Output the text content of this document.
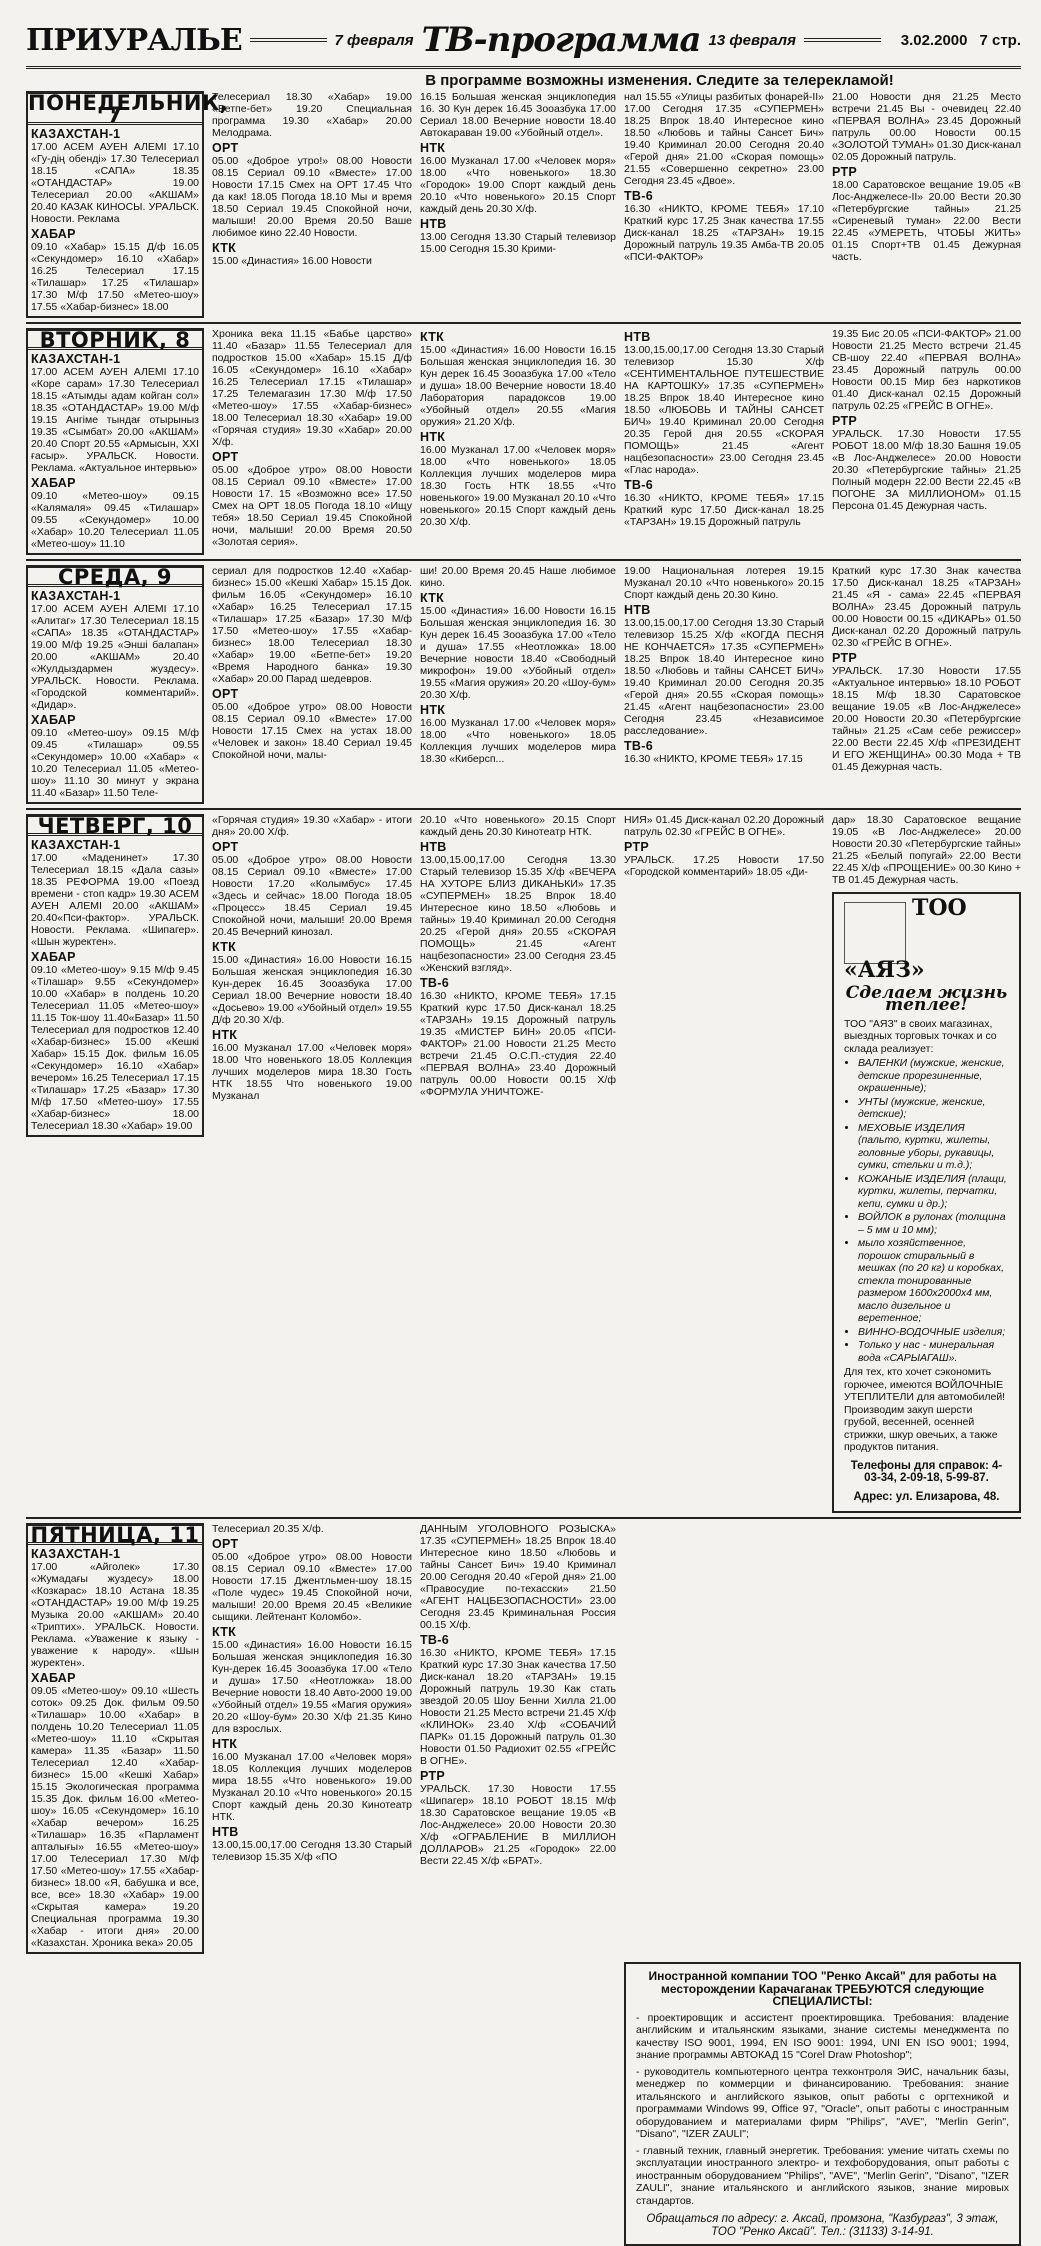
ПРИУРАЛЬЕ	7 февраля ТВ-программа 13 февраля	3.02.2000 7 стр.
В программе возможны изменения. Следите за телерекламой!
ПОНЕДЕЛЬНИК, 7
КАЗАХСТАН-1
17.00 АСЕМ АУЕН АЛЕМІ 17.10 «Гу-дің обенді» 17.30 Телесериал 18.15 «САПА» 18.35 «ОТАНДАСТАР» 19.00 Телесериал 20.00 «АКШАМ» 20.40 КАЗАК КИНОСЫ. УРАЛЬСК. Новости. Реклама
ХАБАР
09.10 «Хабар» 15.15 Д/ф 16.05 «Секундомер» 16.10 «Хабар» 16.25 Телесериал 17.15 «Тилашар» 17.25 «Тилашар» 17.30 М/ф 17.50 «Метео-шоу» 17.55 «Хабар-бизнес» 18.00
Телесериал 18.30 «Хабар» 19.00 «Бетпе-бет» 19.20 Специальная программа 19.30 «Хабар» 20.00 Мелодрама.
ОРТ
05.00 «Доброе утро!» 08.00 Новости 08.15 Сериал 09.10 «Вместе» 17.00 Новости 17.15 Смех на ОРТ 17.45 Что да как! 18.05 Погода 18.10 Мы и время 18.50 Сериал 19.45 Спокойной ночи, малыши! 20.00 Время 20.50 Ваше любимое кино 22.40 Новости.
КТК
15.00 «Династия» 16.00 Новости
16.15 Большая женская энциклопедия 16. 30 Кун дерек 16.45 Зооазбука 17.00 Сериал 18.00 Вечерние новости 18.40 Автокараван 19.00 «Убойный отдел».
НТК
16.00 Музканал 17.00 «Человек моря» 18.00 «Что новенького» 18.30 «Городок» 19.00 Спорт каждый день 20.10 «Что новенького» 20.15 Спорт каждый день 20.30 Х/ф.
НТВ
13.00 Сегодня 13.30 Старый телевизор 15.00 Сегодня 15.30 Крими-
нал 15.55 «Улицы разбитых фонарей-II» 17.00 Сегодня 17.35 «СУПЕРМЕН» 18.25 Впрок 18.40 Интересное кино 18.50 «Любовь и тайны Сансет Бич» 19.40 Криминал 20.00 Сегодня 20.40 «Герой дня» 21.00 «Скорая помощь» 21.55 «Совершенно секретно» 23.00 Сегодня 23.45 «Двое».
ТВ-6
16.30 «НИКТО, КРОМЕ ТЕБЯ» 17.10 Краткий курс 17.25 Знак качества 17.55 Диск-канал 18.25 «ТАРЗАН» 19.15 Дорожный патруль 19.35 Амба-ТВ 20.05 «ПСИ-ФАКТОР»
21.00 Новости дня 21.25 Место встречи 21.45 Вы - очевидец 22.40 «ПЕРВАЯ ВОЛНА» 23.45 Дорожный патруль 00.00 Новости 00.15 «ЗОЛОТОЙ ТУМАН» 01.30 Диск-канал 02.05 Дорожный патруль.
РТР
18.00 Саратовское вещание 19.05 «В Лос-Анджелесе-II» 20.00 Вести 20.30 «Петербургские тайны» 21.25 «Сиреневый туман» 22.00 Вести 22.45 «УМЕРЕТЬ, ЧТОБЫ ЖИТЬ» 01.15 Спорт+ТВ 01.45 Дежурная часть.
ВТОРНИК, 8
КАЗАХСТАН-1
17.00 АСЕМ АУЕН АЛЕМІ 17.10 «Коре сарам» 17.30 Телесериал 18.15 «Атымды адам койган сол» 18.35 «ОТАНДАСТАР» 19.00 М/ф 19.15 Ангіме тындағ отырыныз 19.35 «Сымбат» 20.00 «АКШАМ» 20.40 Спорт 20.55 «Армысын, ХХІ ғасыр». УРАЛЬСК. Новости. Реклама. «Актуальное интервью»
ХАБАР
09.10 «Метео-шоу» 09.15 «Калямаля» 09.45 «Тилашар» 09.55 «Секундомер» 10.00 «Хабар» 10.20 Телесериал 11.05 «Метео-шоу» 11.10
Хроника века 11.15 «Бабье царство» 11.40 «Базар» 11.55 Телесериал для подростков 15.00 «Хабар» 15.15 Д/ф 16.05 «Секундомер» 16.10 «Хабар» 16.25 Телесериал 17.15 «Тилашар» 17.25 Телемагазин 17.30 М/ф 17.50 «Метео-шоу» 17.55 «Хабар-бизнес» 18.00 Телесериал 18.30 «Хабар» 19.00 «Горячая студия» 19.30 «Хабар» 20.00 Х/ф.
ОРТ
05.00 «Доброе утро» 08.00 Новости 08.15 Сериал 09.10 «Вместе» 17.00 Новости 17. 15 «Возможно все» 17.50 Смех на ОРТ 18.05 Погода 18.10 «Ищу тебя» 18.50 Сериал 19.45 Спокойной ночи, малыши! 20.00 Время 20.50 «Золотая серия».
КТК
15.00 «Династия» 16.00 Новости 16.15 Большая женская энциклопедия 16. 30 Кун дерек 16.45 Зооазбука 17.00 «Тело и душа» 18.00 Вечерние новости 18.40 Лаборатория парадоксов 19.00 «Убойный отдел» 20.55 «Магия оружия» 21.20 Х/ф.
НТК
16.00 Музканал 17.00 «Человек моря» 18.00 «Что новенького» 18.05 Коллекция лучших моделеров мира 18.30 Гость НТК 18.55 «Что новенького» 19.00 Музканал 20.10 «Что новенького» 20.15 Спорт каждый день 20.30 Х/ф.
НТВ
13.00,15.00,17.00 Сегодня 13.30 Старый телевизор 15.30 Х/ф «СЕНТИМЕНТАЛЬНОЕ ПУТЕШЕСТВИЕ НА КАРТОШКУ» 17.35 «СУПЕРМЕН» 18.25 Впрок 18.40 Интересное кино 18.50 «ЛЮБОВЬ И ТАЙНЫ САНСЕТ БИЧ» 19.40 Криминал 20.00 Сегодня 20.35 Герой дня 20.55 «СКОРАЯ ПОМОЩЬ» 21.45 «Агент нацбезопасности» 23.00 Сегодня 23.45 «Глас народа».
ТВ-6
16.30 «НИКТО, КРОМЕ ТЕБЯ» 17.15 Краткий курс 17.50 Диск-канал 18.25 «ТАРЗАН» 19.15 Дорожный патруль
19.35 Бис 20.05 «ПСИ-ФАКТОР» 21.00 Новости 21.25 Место встречи 21.45 СВ-шоу 22.40 «ПЕРВАЯ ВОЛНА» 23.45 Дорожный патруль 00.00 Новости 00.15 Мир без наркотиков 01.40 Диск-канал 02.15 Дорожный патруль 02.25 «ГРЕЙС В ОГНЕ».
РТР
УРАЛЬСК. 17.30 Новости 17.55 РОБОТ 18.00 М/ф 18.30 Башня 19.05 «В Лос-Анджелесе» 20.00 Новости 20.30 «Петербургские тайны» 21.25 Полный модерн 22.00 Вести 22.45 «В ПОГОНЕ ЗА МИЛЛИОНОМ» 01.15 Персона 01.45 Дежурная часть.
СРЕДА, 9
КАЗАХСТАН-1
17.00 АСЕМ АУЕН АЛЕМІ 17.10 «Алитаг» 17.30 Телесериал 18.15 «САПА» 18.35 «ОТАНДАСТАР» 19.00 М/ф 19.25 «Энші балапан» 20.00 «АКШАМ» 20.40 «Жулдыздармен жуздесу». УРАЛЬСК. Новости. Реклама. «Городской комментарий». «Дидар».
ХАБАР
09.10 «Метео-шоу» 09.15 М/ф 09.45 «Тилашар» 09.55 «Секундомер» 10.00 «Хабар» « 10.20 Телесериал 11.05 «Метео-шоу» 11.10 30 минут у экрана 11.40 «Базар» 11.50 Теле-
сериал для подростков 12.40 «Хабар-бизнес» 15.00 «Кешкі Хабар» 15.15 Док. фильм 16.05 «Секундомер» 16.10 «Хабар» 16.25 Телесериал 17.15 «Тилашар» 17.25 «Базар» 17.30 М/ф 17.50 «Метео-шоу» 17.55 «Хабар-бизнес» 18.00 Телесериал 18.30 «Хабар» 19.00 «Бетпе-бет» 19.20 «Время Народного банка» 19.30 «Хабар» 20.00 Парад шедевров.
ОРТ
05.00 «Доброе утро» 08.00 Новости 08.15 Сериал 09.10 «Вместе» 17.00 Новости 17.15 Смех на устах 18.00 «Человек и закон» 18.40 Сериал 19.45 Спокойной ночи, малы-
ши! 20.00 Время 20.45 Наше любимое кино.
КТК
15.00 «Династия» 16.00 Новости 16.15 Большая женская энциклопедия 16. 30 Кун дерек 16.45 Зооазбука 17.00 «Тело и душа» 17.55 «Неотложка» 18.00 Вечерние новости 18.40 «Свободный микрофон» 19.00 «Убойный отдел» 19.55 «Магия оружия» 20.20 «Шоу-бум» 20.30 Х/ф.
НТК
16.00 Музканал 17.00 «Человек моря» 18.00 «Что новенького» 18.05 Коллекция лучших моделеров мира 18.30 «Киберсп...
19.00 Национальная лотерея 19.15 Музканал 20.10 «Что новенького» 20.15 Спорт каждый день 20.30 Кино.
НТВ
13.00,15.00,17.00 Сегодня 13.30 Старый телевизор 15.25 Х/ф «КОГДА ПЕСНЯ НЕ КОНЧАЕТСЯ» 17.35 «СУПЕРМЕН» 18.25 Впрок 18.40 Интересное кино 18.50 «Любовь и тайны САНСЕТ БИЧ» 19.40 Криминал 20.00 Сегодня 20.35 «Герой дня» 20.55 «Скорая помощь» 21.45 «Агент нацбезопасности» 23.00 Сегодня 23.45 «Независимое расследование».
ТВ-6
16.30 «НИКТО, КРОМЕ ТЕБЯ» 17.15
Краткий курс 17.30 Знак качества 17.50 Диск-канал 18.25 «ТАРЗАН» 21.45 «Я - сама» 22.45 «ПЕРВАЯ ВОЛНА» 23.45 Дорожный патруль 00.00 Новости 00.15 «ДИКАРЬ» 01.50 Диск-канал 02.20 Дорожный патруль 02.30 «ГРЕЙС В ОГНЕ».
РТР
УРАЛЬСК. 17.30 Новости 17.55 «Актуальное интервью» 18.10 РОБОТ 18.15 М/ф 18.30 Саратовское вещание 19.05 «В Лос-Анджелесе» 20.00 Новости 20.30 «Петербургские тайны» 21.25 «Сам себе режиссер» 22.00 Вести 22.45 Х/ф «ПРЕЗИДЕНТ И ЕГО ЖЕНЩИНА» 00.30 Мода + ТВ 01.45 Дежурная часть.
ЧЕТВЕРГ, 10
КАЗАХСТАН-1
17.00 «Маденинет» 17.30 Телесериал 18.15 «Дала сазы» 18.35 РЕФОРМА 19.00 «Поезд времени - стоп кадр» 19.30 АСЕМ АУЕН АЛЕМІ 20.00 «АКШАМ» 20.40«Пси-фактор». УРАЛЬСК. Новости. Реклама. «Шипагер». «Шын журектен».
ХАБАР
09.10 «Метео-шоу» 9.15 М/ф 9.45 «Тілашар» 9.55 «Секундомер» 10.00 «Хабар» в полдень 10.20 Телесериал 11.05 «Метео-шоу» 11.15 Ток-шоу 11.40«Базар» 11.50 Телесериал для подростков 12.40 «Хабар-бизнес» 15.00 «Кешкі Хабар» 15.15 Док. фильм 16.05 «Секундомер» 16.10 «Хабар» вечером» 16.25 Телесериал 17.15 «Тилашар» 17.25 «Базар» 17.30 М/ф 17.50 «Метео-шоу» 17.55 «Хабар-бизнес» 18.00 Телесериал 18.30 «Хабар» 19.00
«Горячая студия» 19.30 «Хабар» - итоги дня» 20.00 Х/ф.
ОРТ
05.00 «Доброе утро» 08.00 Новости 08.15 Сериал 09.10 «Вместе» 17.00 Новости 17.20 «Колымбус» 17.45 «Здесь и сейчас» 18.00 Погода 18.05 «Процесс» 18.45 Сериал 19.45 Спокойной ночи, малыши! 20.00 Время 20.45 Вечерний кинозал.
КТК
15.00 «Династия» 16.00 Новости 16.15 Большая женская энциклопедия 16.30 Кун-дерек 16.45 Зооазбука 17.00 Сериал 18.00 Вечерние новости 18.40 «Досьево» 19.00 «Убойный отдел» 19.55 Д/ф 20.30 Х/ф.
НТК
16.00 Музканал 17.00 «Человек моря» 18.00 Что новенького 18.05 Коллекция лучших моделеров мира 18.30 Гость НТК 18.55 Что новенького 19.00 Музканал
20.10 «Что новенького» 20.15 Спорт каждый день 20.30 Кинотеатр НТК.
НТВ
13.00,15.00,17.00 Сегодня 13.30 Старый телевизор 15.35 Х/ф «ВЕЧЕРА НА ХУТОРЕ БЛИЗ ДИКАНЬКИ» 17.35 «СУПЕРМЕН» 18.25 Впрок 18.40 Интересное кино 18.50 «Любовь и тайны» 19.40 Криминал 20.00 Сегодня 20.25 «Герой дня» 20.55 «СКОРАЯ ПОМОЩЬ» 21.45 «Агент нацбезопасности» 23.00 Сегодня 23.45 «Женский взгляд».
ТВ-6
16.30 «НИКТО, КРОМЕ ТЕБЯ» 17.15 Краткий курс 17.50 Диск-канал 18.25 «ТАРЗАН» 19.15 Дорожный патруль 19.35 «МИСТЕР БИН» 20.05 «ПСИ-ФАКТОР» 21.00 Новости 21.25 Место встречи 21.45 О.С.П.-студия 22.40 «ПЕРВАЯ ВОЛНА» 23.40 Дорожный патруль 00.00 Новости 00.15 Х/ф «ФОРМУЛА УНИЧТОЖЕ-
НИЯ» 01.45 Диск-канал 02.20 Дорожный патруль 02.30 «ГРЕЙС В ОГНЕ».
РТР
УРАЛЬСК. 17.25 Новости 17.50 «Городской комментарий» 18.05 «Ди-
дар» 18.30 Саратовское вещание 19.05 «В Лос-Анджелесе» 20.00 Новости 20.30 «Петербургские тайны» 21.25 «Белый попугай» 22.00 Вести 22.45 Х/ф «ПРОЩЕНИЕ» 00.30 Кино + ТВ 01.45 Дежурная часть.
ТОО «АЯЗ»
Сделаем жизнь теплее!
ТОО "АЯЗ" в своих магазинах, выездных торговых точках и со склада реализует:
• ВАЛЕНКИ (мужские, женские, детские прорезиненные, окрашенные);
• УНТЫ (мужские, женские, детские);
• МЕХОВЫЕ ИЗДЕЛИЯ (пальто, куртки, жилеты, головные уборы, рукавицы, сумки, стельки и т.д.);
• КОЖАНЫЕ ИЗДЕЛИЯ (плащи, куртки, жилеты, перчатки, кепи, сумки и др.);
• ВОЙЛОК в рулонах (толщина – 5 мм и 10 мм);
• мыло хозяйственное, порошок стиральный в мешках (по 20 кг) и коробках, стекла тонированные размером 1600х2000х4 мм, масло дизельное и веретенное;
• ВИННО-ВОДОЧНЫЕ изделия;
• Только у нас - минеральная вода «САРЫАГАШ».
Для тех, кто хочет сэкономить горючее, имеются ВОЙЛОЧНЫЕ УТЕПЛИТЕЛИ для автомобилей!
Производим закуп шерсти грубой, весенней, осенней стрижки, шкур овечьих, а также продуктов питания.
Телефоны для справок: 4-03-34, 2-09-18, 5-99-87.
Адрес: ул. Елизарова, 48.
ПЯТНИЦА, 11
КАЗАХСТАН-1
17.00 «Айголек» 17.30 «Жумадағы жуздесу» 18.00 «Козкарас» 18.10 Астана 18.35 «ОТАНДАСТАР» 19.00 М/ф 19.25 Музыка 20.00 «АКШАМ» 20.40 «Триптих». УРАЛЬСК. Новости. Реклама. «Уважение к языку - уважение к народу». «Шын журектен».
ХАБАР
09.05 «Метео-шоу» 09.10 «Шесть соток» 09.25 Док. фильм 09.50 «Тилашар» 10.00 «Хабар» в полдень 10.20 Телесериал 11.05 «Метео-шоу» 11.10 «Скрытая камера» 11.35 «Базар» 11.50 Телесериал 12.40 «Хабар-бизнес» 15.00 «Кешкі Хабар» 15.15 Экологическая программа 15.35 Док. фильм 16.00 «Метео-шоу» 16.05 «Секундомер» 16.10 «Хабар вечером» 16.25 «Тилашар» 16.35 «Парламент апталығы» 16.55 «Метео-шоу» 17.00 Телесериал 17.30 М/ф 17.50 «Метео-шоу» 17.55 «Хабар-бизнес» 18.00 «Я, бабушка и все, все, все» 18.30 «Хабар» 19.00 «Скрытая камера» 19.20 Специальная программа 19.30 «Хабар - итоги дня» 20.00 «Казахстан. Хроника века» 20.05
Телесериал 20.35 Х/ф.
ОРТ
05.00 «Доброе утро» 08.00 Новости 08.15 Сериал 09.10 «Вместе» 17.00 Новости 17.15 Джентльмен-шоу 18.15 «Поле чудес» 19.45 Спокойной ночи, малыши! 20.00 Время 20.45 «Великие сыщики. Лейтенант Коломбо».
КТК
15.00 «Династия» 16.00 Новости 16.15 Большая женская энциклопедия 16.30 Кун-дерек 16.45 Зооазбука 17.00 «Тело и душа» 17.50 «Неотложка» 18.00 Вечерние новости 18.40 Авто-2000 19.00 «Убойный отдел» 19.55 «Магия оружия» 20.20 «Шоу-бум» 20.30 Х/ф 21.35 Кино для взрослых.
НТК
16.00 Музканал 17.00 «Человек моря» 18.05 Коллекция лучших моделеров мира 18.55 «Что новенького» 19.00 Музканал 20.10 «Что новенького» 20.15 Спорт каждый день 20.30 Кинотеатр НТК.
НТВ
13.00,15.00,17.00 Сегодня 13.30 Старый телевизор 15.35 Х/ф «ПО
ДАННЫМ УГОЛОВНОГО РОЗЫСКА» 17.35 «СУПЕРМЕН» 18.25 Впрок 18.40 Интересное кино 18.50 «Любовь и тайны Сансет Бич» 19.40 Криминал 20.00 Сегодня 20.40 «Герой дня» 21.00 «Правосудие по-техасски» 21.50 «АГЕНТ НАЦБЕЗОПАСНОСТИ» 23.00 Сегодня 23.45 Криминальная Россия 00.15 Х/ф.
ТВ-6
16.30 «НИКТО, КРОМЕ ТЕБЯ» 17.15 Краткий курс 17.30 Знак качества 17.50 Диск-канал 18.20 «ТАРЗАН» 19.15 Дорожный патруль 19.30 Как стать звездой 20.05 Шоу Бенни Хилла 21.00 Новости 21.25 Место встречи 21.45 Х/ф «КЛИНОК» 23.40 Х/ф «СОБАЧИЙ ПАРК» 01.15 Дорожный патруль 01.30 Новости 01.50 Радиохит 02.55 «ГРЕЙС В ОГНЕ».
РТР
УРАЛЬСК. 17.30 Новости 17.55 «Шипагер» 18.10 РОБОТ 18.15 М/ф 18.30 Саратовское вещание 19.05 «В Лос-Анджелесе» 20.00 Новости 20.30 Х/ф «ОГРАБЛЕНИЕ В МИЛЛИОН ДОЛЛАРОВ» 21.25 «Городок» 22.00 Вести 22.45 Х/ф «БРАТ».
Иностранной компании ТОО "Ренко Аксай" для работы на месторождении Карачаганак ТРЕБУЮТСЯ следующие СПЕЦИАЛИСТЫ:
- проектировщик и ассистент проектировщика. Требования: владение английским и итальянским языками, знание системы менеджмента по качеству ISO 9001, 1994, EN ISO 9001: 1994, UNI EN ISO 9001; 1994, знание программы АВТОКАД 15 "Corel Draw Photoshop";
- руководитель компьютерного центра техконтроля ЭИС, начальник базы, менеджер по коммерции и финансированию. Требования: знание итальянского и английского языков, опыт работы с оргтехникой и программами Windows 99, Office 97, "Oracle", опыт работы с иностранным оборудованием и материалами фирм "Philips", "AVE", "Merlin Gerin", "Disano", "IZER ZAULI";
- главный техник, главный энергетик. Требования: умение читать схемы по эксплуатации иностранного электро- и техфоборудования, опыт работы с иностранным оборудованием "Philips", "AVE", "Merlin Gerin", "Disano", "IZER ZAULI", знание итальянского и английского языков, знание мировых стандартов.
Обращаться по адресу: г. Аксай, промзона, "Казбургаз", 3 этаж, ТОО "Ренко Аксай". Тел.: (31133) 3-14-91.
